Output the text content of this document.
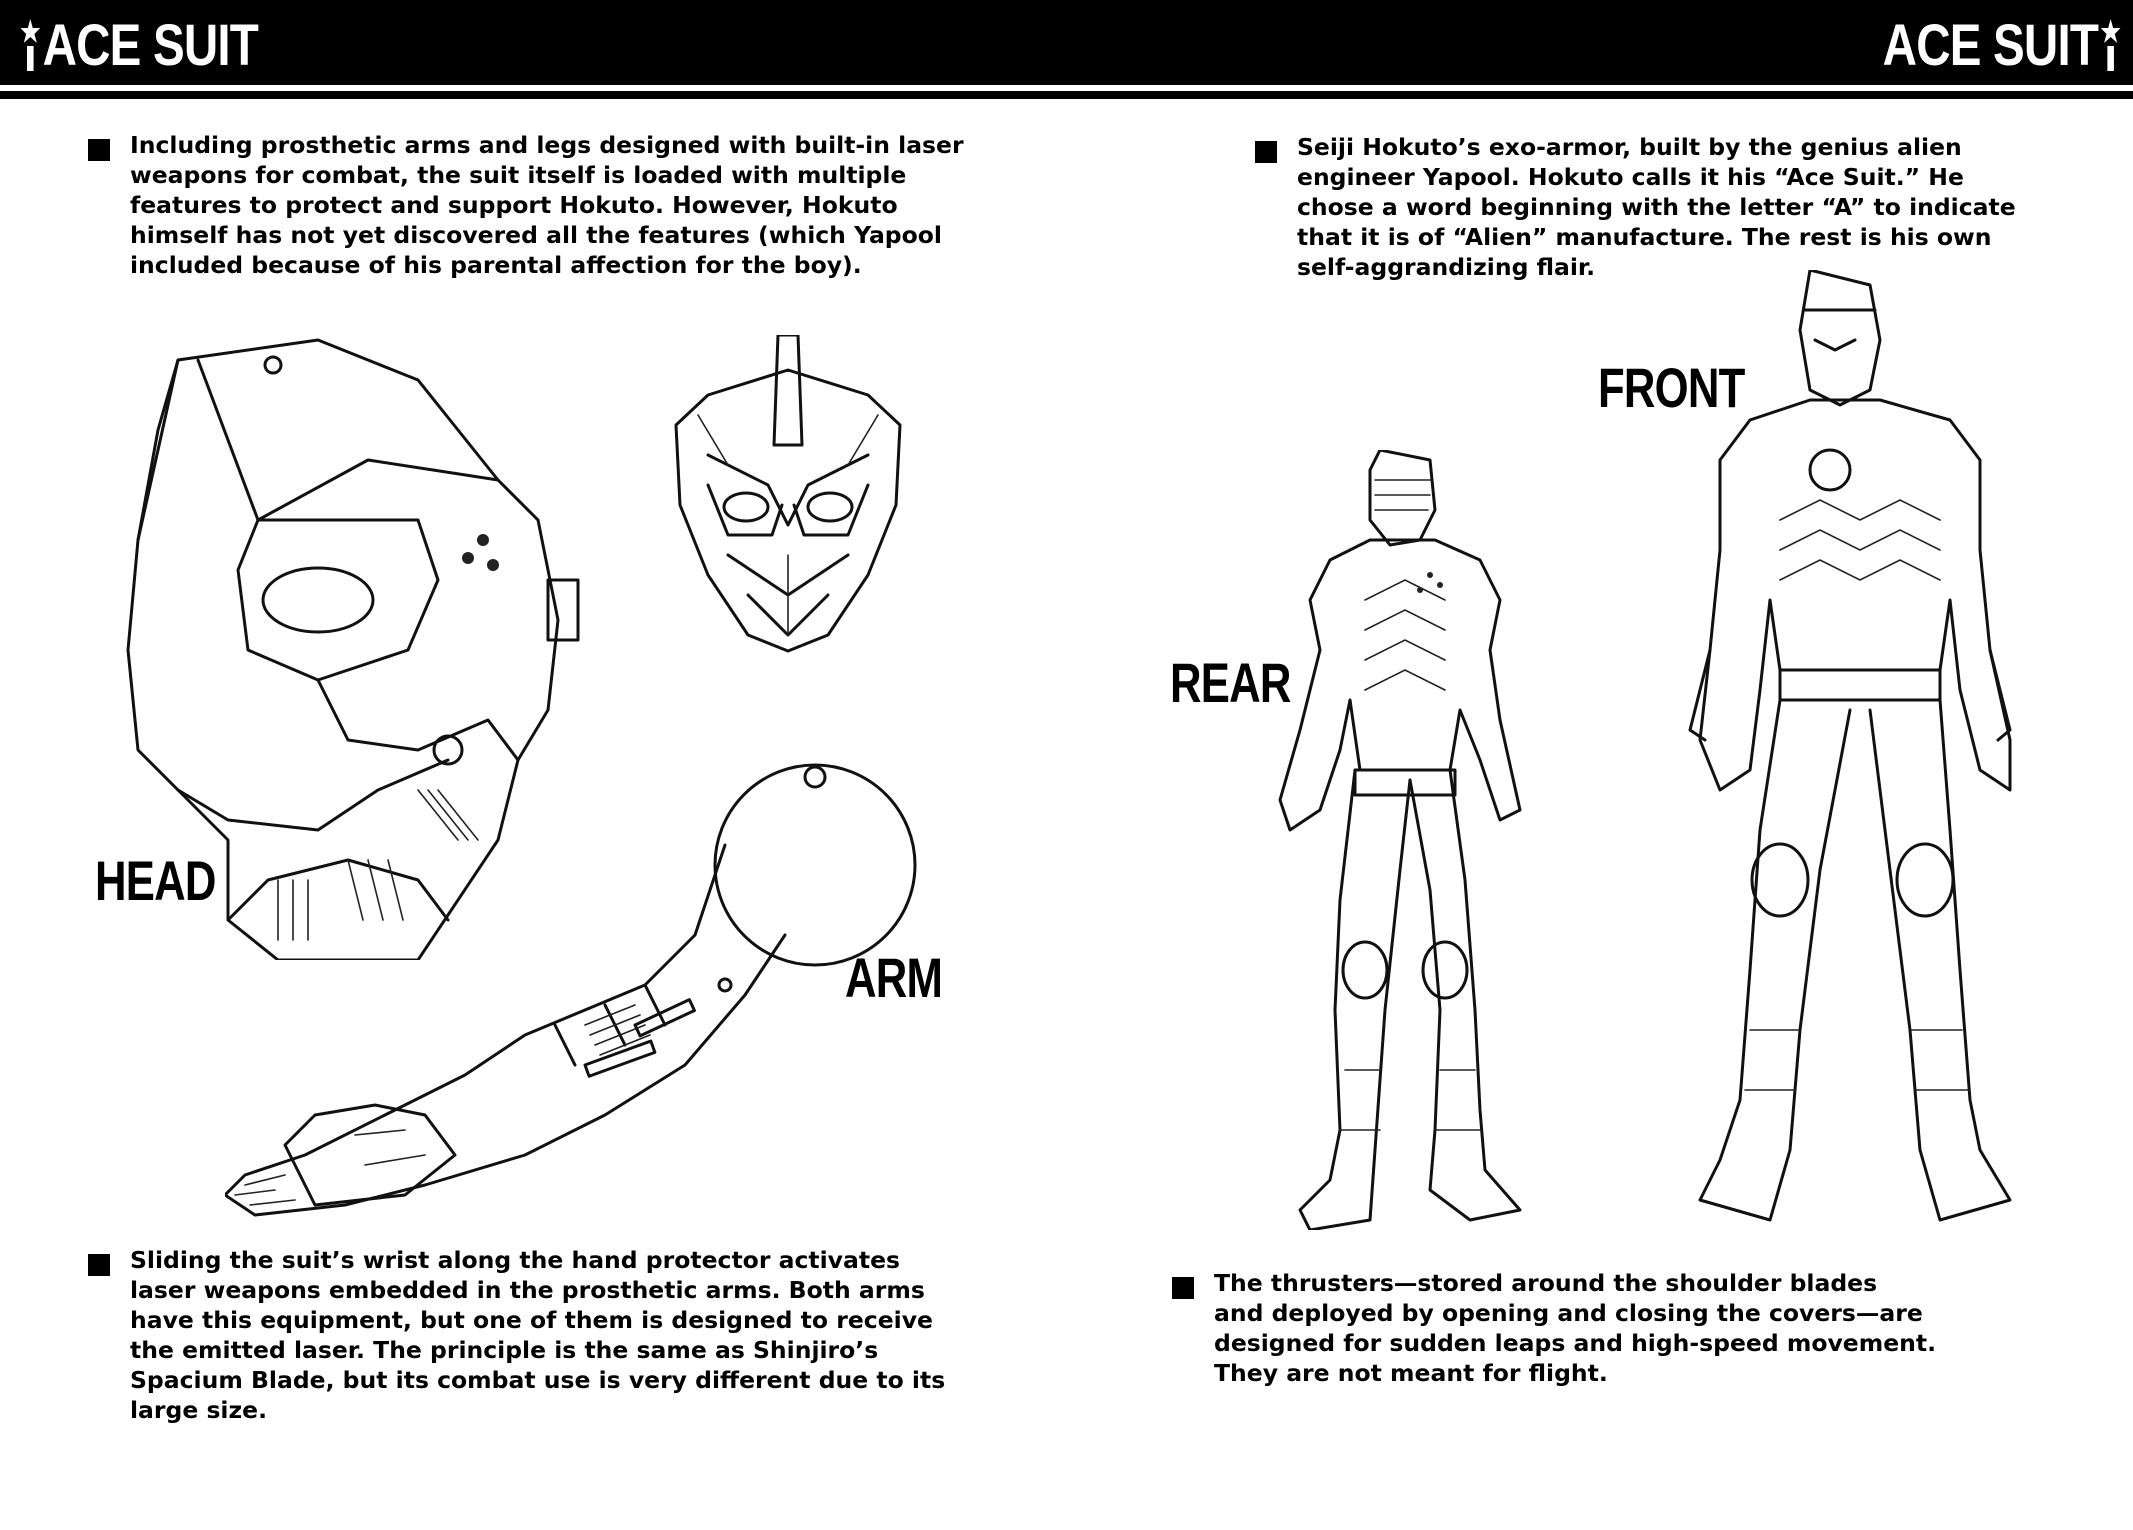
ACE SUIT	ACE SUIT
Including prosthetic arms and legs designed with built-in laser
weapons for combat, the suit itself is loaded with multiple
features to protect and support Hokuto. However, Hokuto
himself has not yet discovered all the features (which Yapool
included because of his parental affection for the boy).
Seiji Hokuto’s exo-armor, built by the genius alien
engineer Yapool. Hokuto calls it his “Ace Suit.” He
chose a word beginning with the letter “A” to indicate
that it is of “Alien” manufacture. The rest is his own
self-aggrandizing flair.
HEAD
ARM
Sliding the suit’s wrist along the hand protector activates
laser weapons embedded in the prosthetic arms. Both arms
have this equipment, but one of them is designed to receive
the emitted laser. The principle is the same as Shinjiro’s
Spacium Blade, but its combat use is very different due to its
large size.
FRONT
REAR
The thrusters—stored around the shoulder blades
and deployed by opening and closing the covers—are
designed for sudden leaps and high-speed movement.
They are not meant for flight.
